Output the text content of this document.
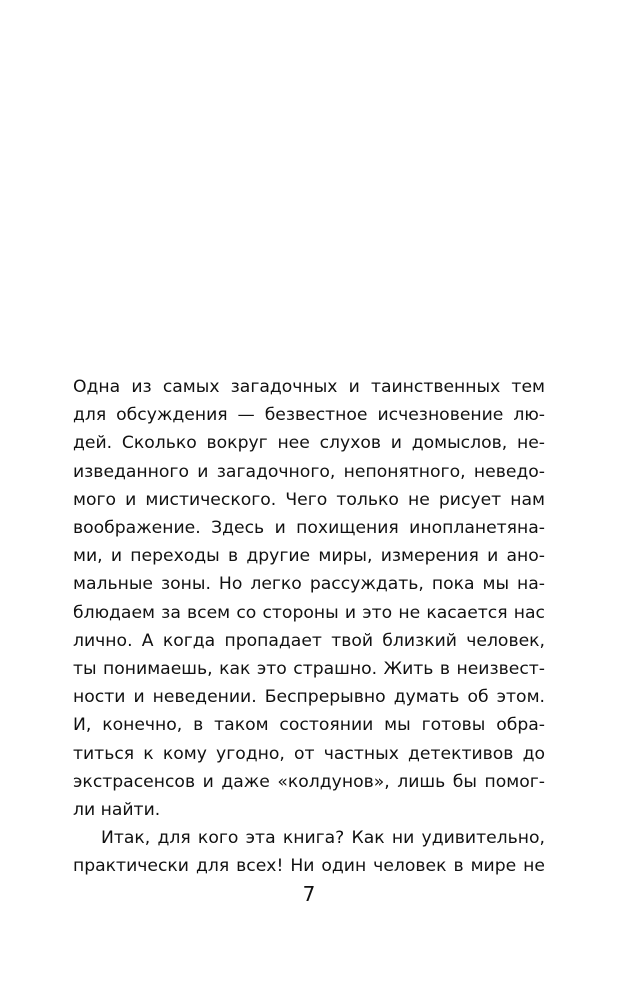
Одна из самых загадочных и таинственных тем
для обсуждения — безвестное исчезновение лю-
дей. Сколько вокруг нее слухов и домыслов, не-
изведанного и загадочного, непонятного, неведо-
мого и мистического. Чего только не рисует нам
воображение. Здесь и похищения инопланетяна-
ми, и переходы в другие миры, измерения и ано-
мальные зоны. Но легко рассуждать, пока мы на-
блюдаем за всем со стороны и это не касается нас
лично. А когда пропадает твой близкий человек,
ты понимаешь, как это страшно. Жить в неизвест-
ности и неведении. Беспрерывно думать об этом.
И, конечно, в таком состоянии мы готовы обра-
титься к кому угодно, от частных детективов до
экстрасенсов и даже «колдунов», лишь бы помог-
ли найти.
Итак, для кого эта книга? Как ни удивительно,
практически для всех! Ни один человек в мире не
7
